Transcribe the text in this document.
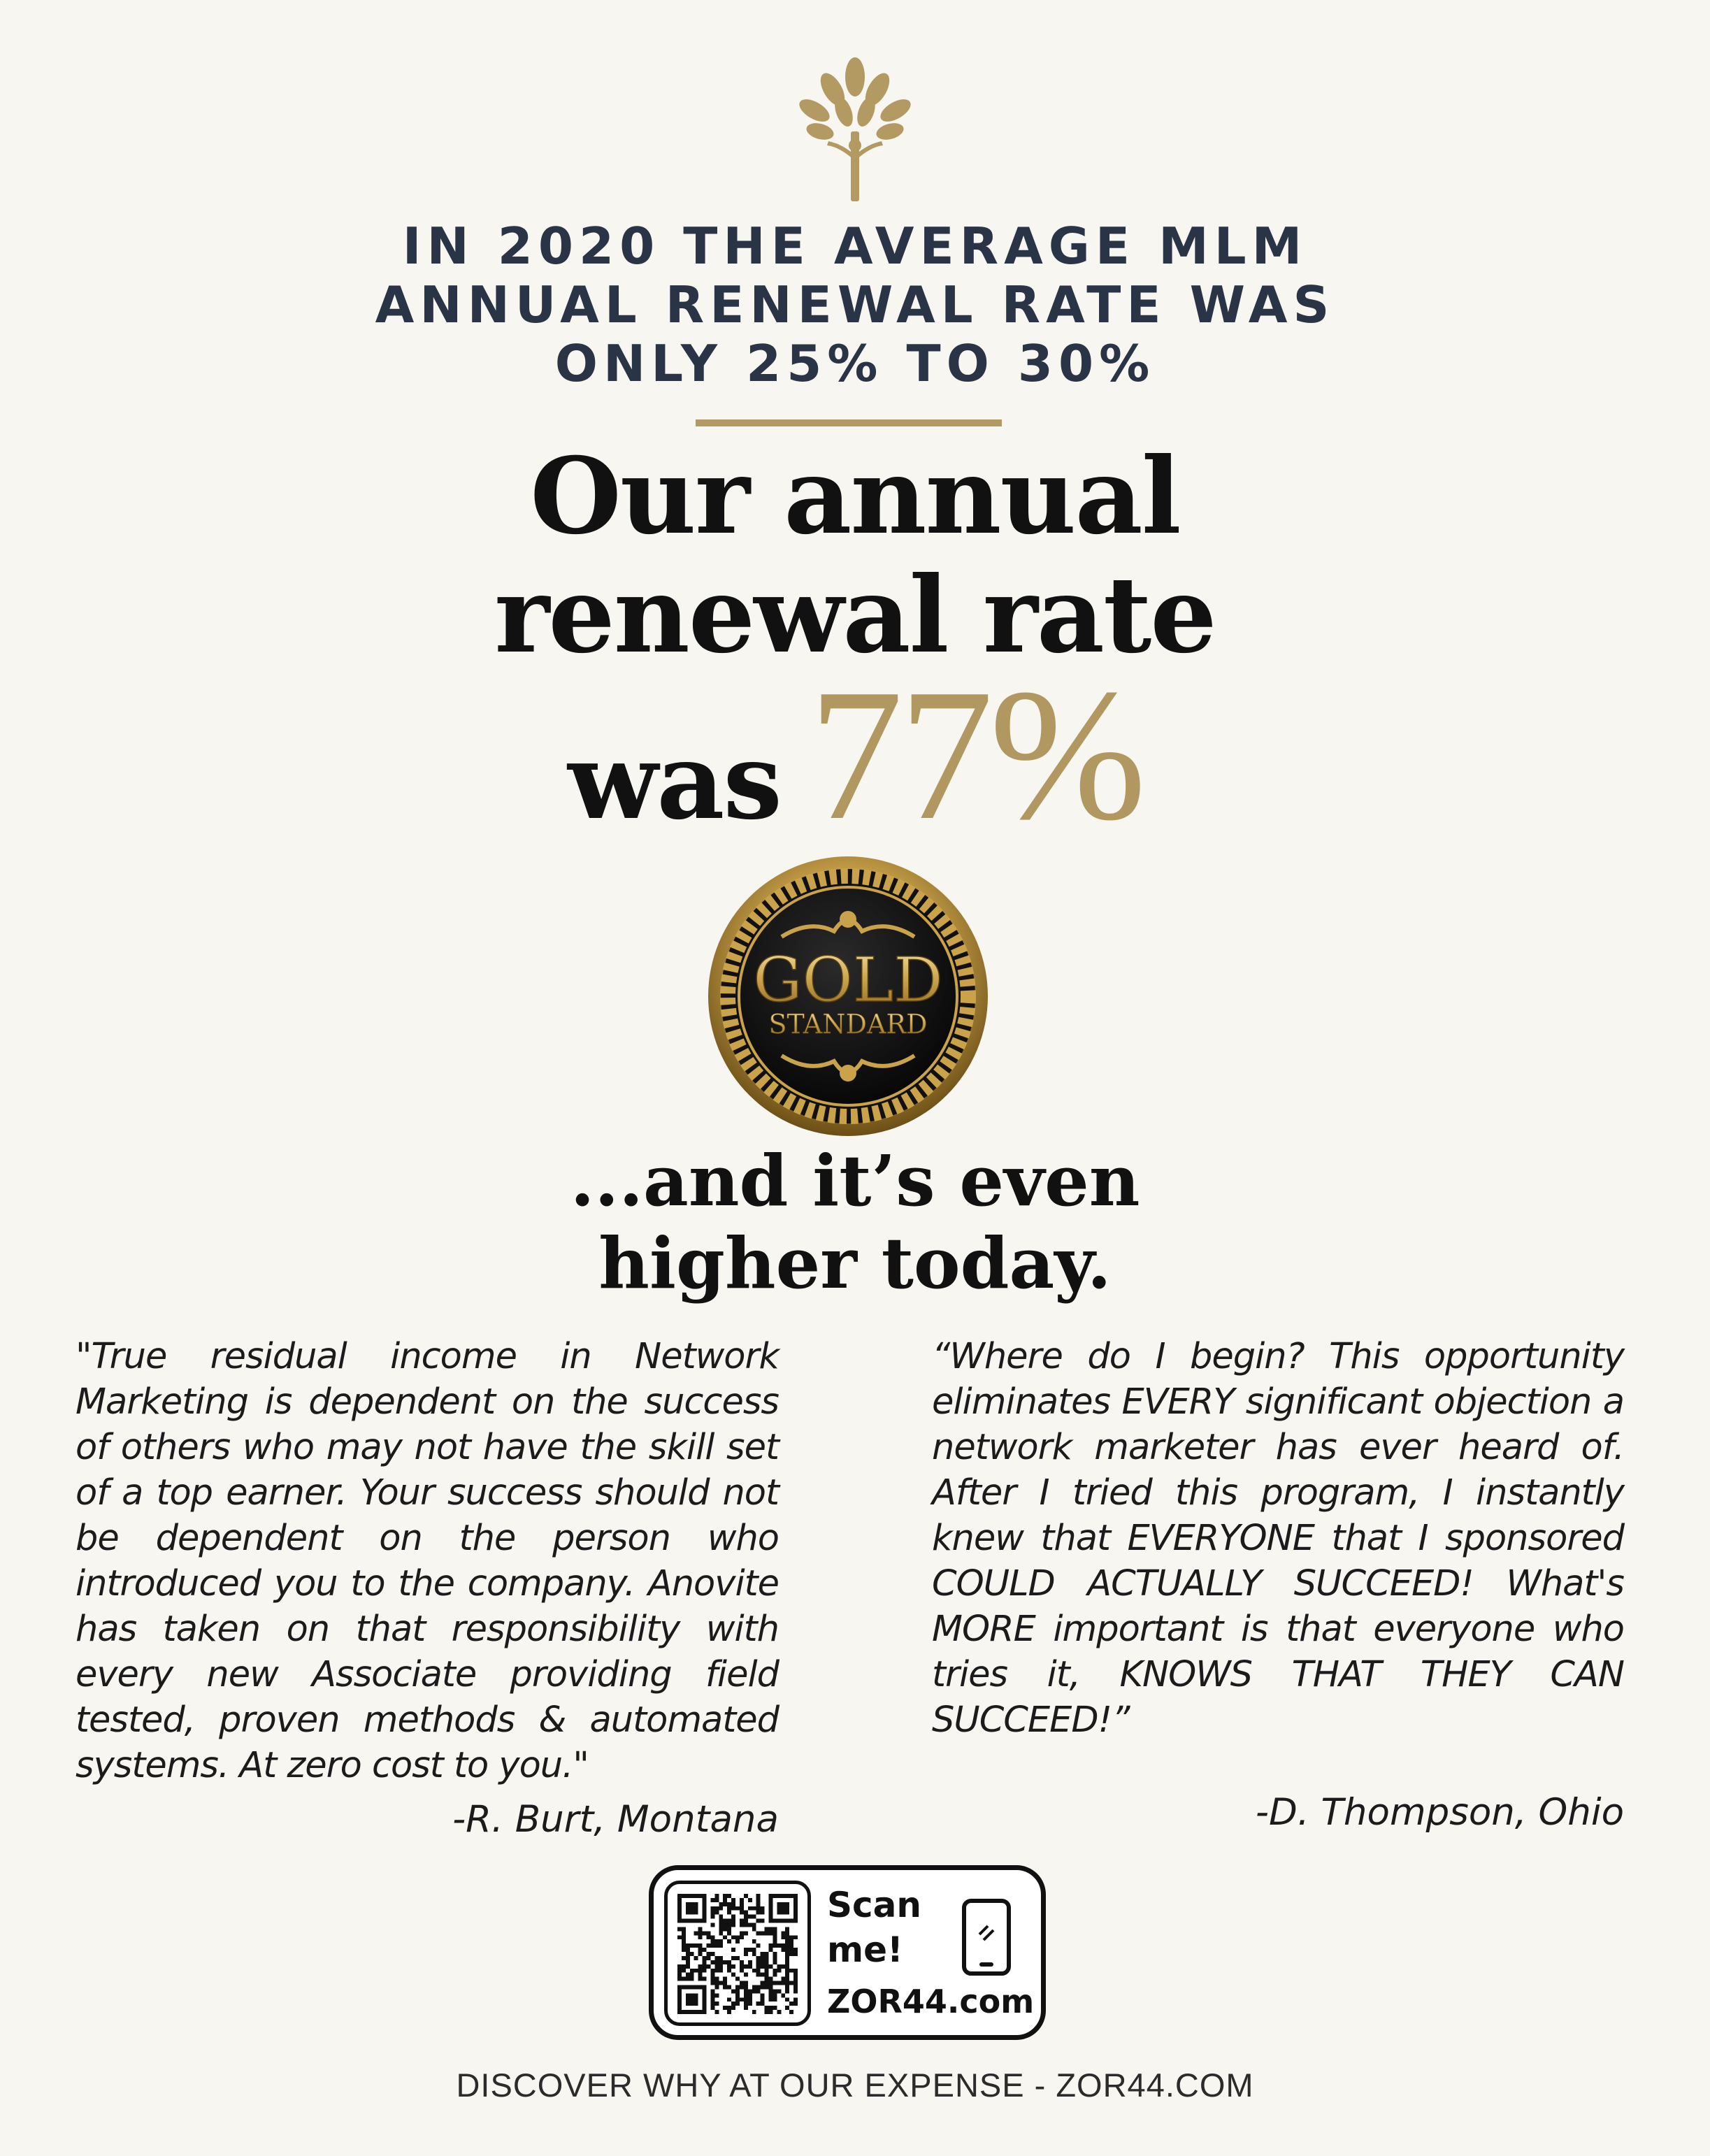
IN 2020 THE AVERAGE MLM
ANNUAL RENEWAL RATE WAS
ONLY 25% TO 30%
Our annual
renewal rate
was 77%
GOLD
STANDARD
...and it’s even
higher today.
"True residual income in Network Marketing is dependent on the success of others who may not have the skill set of a top earner. Your success should not be dependent on the person who introduced you to the company. Anovite has taken on that responsibility with every new Associate providing field tested, proven methods & automated systems. At zero cost to you."
-R. Burt, Montana
“Where do I begin? This opportunity eliminates EVERY significant objection a network marketer has ever heard of. After I tried this program, I instantly knew that EVERYONE that I sponsored COULD ACTUALLY SUCCEED! What's MORE important is that everyone who tries it, KNOWS THAT THEY CAN SUCCEED!”
-D. Thompson, Ohio
Scan
me!
ZOR44.com
DISCOVER WHY AT OUR EXPENSE - ZOR44.COM
